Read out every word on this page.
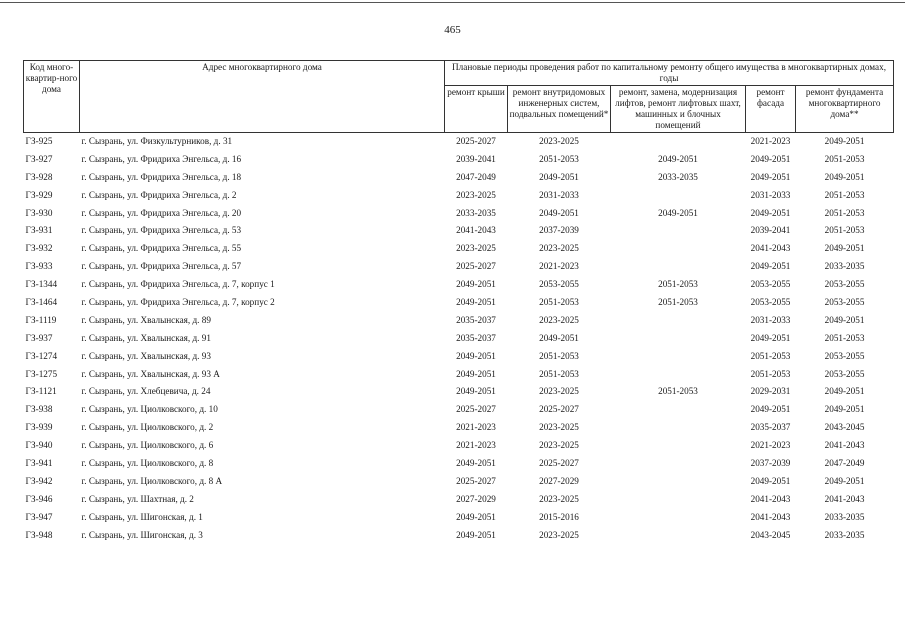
465
Код много-квартир-ного дома	Адрес многоквартирного дома	Плановые периоды проведения работ по капитальному ремонту общего имущества в многоквартирных домах, годы				
		ремонт крыши	ремонт внутридомовых инженерных систем, подвальных помещений*	ремонт, замена, модернизация лифтов, ремонт лифтовых шахт, машинных и блочных помещений	ремонт фасада	ремонт фундамента многоквартирного дома**
ГЗ-925	г. Сызрань, ул. Физкультурников, д. 31	2025-2027	2023-2025		2021-2023	2049-2051
ГЗ-927	г. Сызрань, ул. Фридриха Энгельса, д. 16	2039-2041	2051-2053	2049-2051	2049-2051	2051-2053
ГЗ-928	г. Сызрань, ул. Фридриха Энгельса, д. 18	2047-2049	2049-2051	2033-2035	2049-2051	2049-2051
ГЗ-929	г. Сызрань, ул. Фридриха Энгельса, д. 2	2023-2025	2031-2033		2031-2033	2051-2053
ГЗ-930	г. Сызрань, ул. Фридриха Энгельса, д. 20	2033-2035	2049-2051	2049-2051	2049-2051	2051-2053
ГЗ-931	г. Сызрань, ул. Фридриха Энгельса, д. 53	2041-2043	2037-2039		2039-2041	2051-2053
ГЗ-932	г. Сызрань, ул. Фридриха Энгельса, д. 55	2023-2025	2023-2025		2041-2043	2049-2051
ГЗ-933	г. Сызрань, ул. Фридриха Энгельса, д. 57	2025-2027	2021-2023		2049-2051	2033-2035
ГЗ-1344	г. Сызрань, ул. Фридриха Энгельса, д. 7, корпус 1	2049-2051	2053-2055	2051-2053	2053-2055	2053-2055
ГЗ-1464	г. Сызрань, ул. Фридриха Энгельса, д. 7, корпус 2	2049-2051	2051-2053	2051-2053	2053-2055	2053-2055
ГЗ-1119	г. Сызрань, ул. Хвалынская, д. 89	2035-2037	2023-2025		2031-2033	2049-2051
ГЗ-937	г. Сызрань, ул. Хвалынская, д. 91	2035-2037	2049-2051		2049-2051	2051-2053
ГЗ-1274	г. Сызрань, ул. Хвалынская, д. 93	2049-2051	2051-2053		2051-2053	2053-2055
ГЗ-1275	г. Сызрань, ул. Хвалынская, д. 93 А	2049-2051	2051-2053		2051-2053	2053-2055
ГЗ-1121	г. Сызрань, ул. Хлебцевича, д. 24	2049-2051	2023-2025	2051-2053	2029-2031	2049-2051
ГЗ-938	г. Сызрань, ул. Циолковского, д. 10	2025-2027	2025-2027		2049-2051	2049-2051
ГЗ-939	г. Сызрань, ул. Циолковского, д. 2	2021-2023	2023-2025		2035-2037	2043-2045
ГЗ-940	г. Сызрань, ул. Циолковского, д. 6	2021-2023	2023-2025		2021-2023	2041-2043
ГЗ-941	г. Сызрань, ул. Циолковского, д. 8	2049-2051	2025-2027		2037-2039	2047-2049
ГЗ-942	г. Сызрань, ул. Циолковского, д. 8 А	2025-2027	2027-2029		2049-2051	2049-2051
ГЗ-946	г. Сызрань, ул. Шахтная, д. 2	2027-2029	2023-2025		2041-2043	2041-2043
ГЗ-947	г. Сызрань, ул. Шигонская, д. 1	2049-2051	2015-2016		2041-2043	2033-2035
ГЗ-948	г. Сызрань, ул. Шигонская, д. 3	2049-2051	2023-2025		2043-2045	2033-2035
